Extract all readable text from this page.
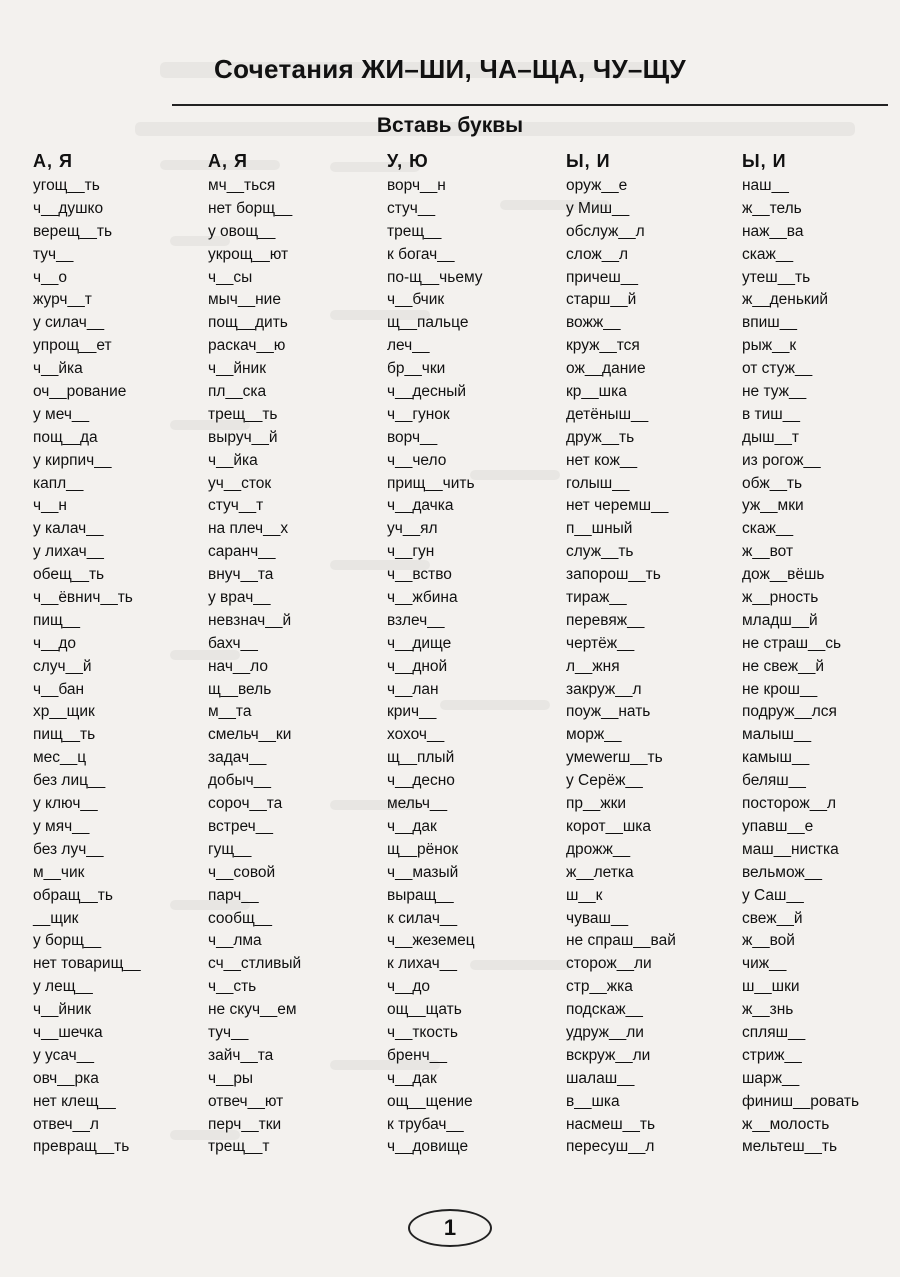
Сочетания ЖИ–ШИ, ЧА–ЩА, ЧУ–ЩУ
Вставь буквы
А, Я
угощ__ть
ч__душко
верещ__ть
туч__
ч__о
журч__т
у силач__
упрощ__ет
ч__йка
оч__рование
у меч__
пощ__да
у кирпич__
капл__
ч__н
у калач__
у лихач__
обещ__ть
ч__ёвнич__ть
пищ__
ч__до
случ__й
ч__бан
хр__щик
пищ__ть
мес__ц
без лиц__
у ключ__
у мяч__
без луч__
м__чик
обращ__ть
__щик
у борщ__
нет товарищ__
у лещ__
ч__йник
ч__шечка
у усач__
овч__рка
нет клещ__
отвеч__л
превращ__ть
А, Я
мч__ться
нет борщ__
у овощ__
укрощ__ют
ч__сы
мыч__ние
пощ__дить
раскач__ю
ч__йник
пл__ска
трещ__ть
выруч__й
ч__йка
уч__сток
стуч__т
на плеч__х
саранч__
внуч__та
у врач__
невзнач__й
бахч__
нач__ло
щ__вель
м__та
смельч__ки
задач__
добыч__
сороч__та
встреч__
гущ__
ч__совой
парч__
сообщ__
ч__лма
сч__стливый
ч__сть
не скуч__ем
туч__
зайч__та
ч__ры
отвеч__ют
перч__тки
трещ__т
У, Ю
ворч__н
стуч__
трещ__
к богач__
по-щ__чьему
ч__бчик
щ__пальце
леч__
бр__чки
ч__десный
ч__гунок
ворч__
ч__чело
прищ__чить
ч__дачка
уч__ял
ч__гун
ч__вство
ч__жбина
взлеч__
ч__дище
ч__дной
ч__лан
крич__
хохоч__
щ__плый
ч__десно
мельч__
ч__дак
щ__рёнок
ч__мазый
выращ__
к силач__
ч__жеземец
к лихач__
ч__до
ощ__щать
ч__ткость
бренч__
ч__дак
ощ__щение
к трубач__
ч__довище
Ы, И
оруж__е
у Миш__
обслуж__л
слож__л
причеш__
старш__й
вожж__
круж__тся
ож__дание
кр__шка
детёныш__
друж__ть
нет кож__
голыш__
нет черемш__
п__шный
служ__ть
запорош__ть
тираж__
перевяж__
чертёж__
л__жня
закруж__л
поуж__нать
морж__
умеwerш__ть
у Серёж__
пр__жки
корот__шка
дрожж__
ж__летка
ш__к
чуваш__
не спраш__вай
сторож__ли
стр__жка
подскаж__
удруж__ли
вскруж__ли
шалаш__
в__шка
насмеш__ть
пересуш__л
Ы, И
наш__
ж__тель
наж__ва
скаж__
утеш__ть
ж__денький
впиш__
рыж__к
от стуж__
не туж__
в тиш__
дыш__т
из рогож__
обж__ть
уж__мки
скаж__
ж__вот
дож__вёшь
ж__рность
младш__й
не страш__сь
не свеж__й
не крош__
подруж__лся
малыш__
камыш__
беляш__
посторож__л
упавш__е
маш__нистка
вельмож__
у Саш__
свеж__й
ж__вой
чиж__
ш__шки
ж__знь
спляш__
стриж__
шарж__
финиш__ровать
ж__молость
мельтеш__ть
1
